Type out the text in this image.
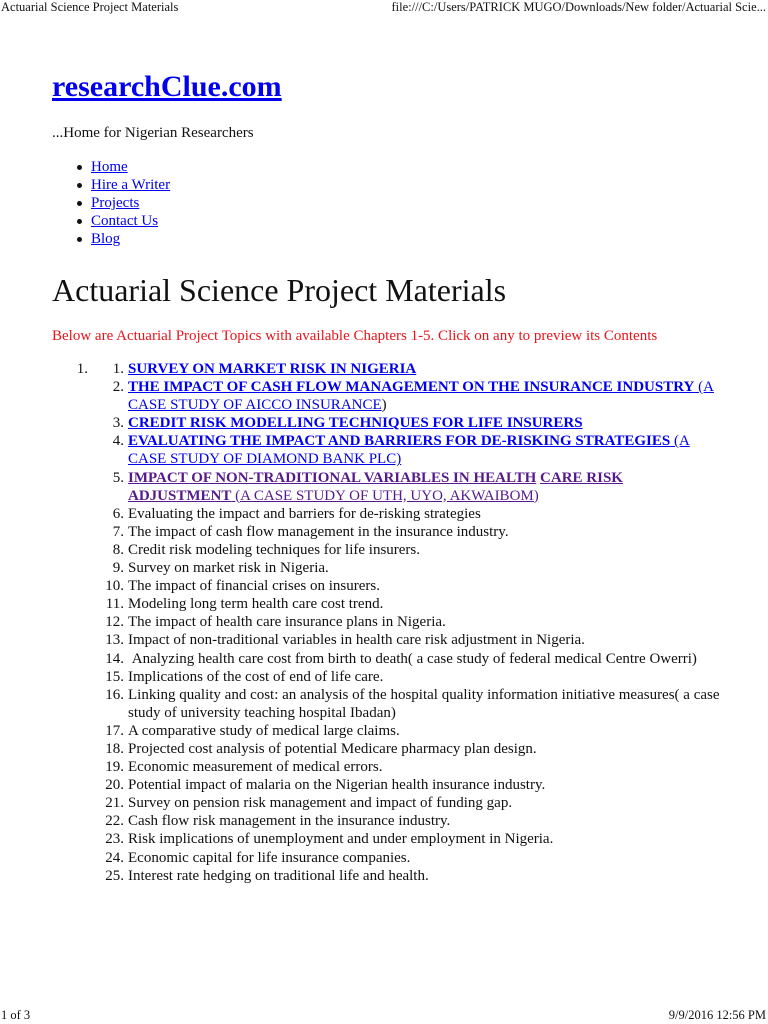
Actuarial Science Project Materials	file:///C:/Users/PATRICK MUGO/Downloads/New folder/Actuarial Scie...
researchClue.com
...Home for Nigerian Researchers
Home
Hire a Writer
Projects
Contact Us
Blog
Actuarial Science Project Materials
Below are Actuarial Project Topics with available Chapters 1-5. Click on any to preview its Contents
1.	1. SURVEY ON MARKET RISK IN NIGERIA
2. THE IMPACT OF CASH FLOW MANAGEMENT ON THE INSURANCE INDUSTRY (A CASE STUDY OF AICCO INSURANCE)
3. CREDIT RISK MODELLING TECHNIQUES FOR LIFE INSURERS
4. EVALUATING THE IMPACT AND BARRIERS FOR DE-RISKING STRATEGIES (A CASE STUDY OF DIAMOND BANK PLC)
5. IMPACT OF NON-TRADITIONAL VARIABLES IN HEALTH CARE RISK ADJUSTMENT (A CASE STUDY OF UTH, UYO, AKWAIBOM)
6. Evaluating the impact and barriers for de-risking strategies
7. The impact of cash flow management in the insurance industry.
8. Credit risk modeling techniques for life insurers.
9. Survey on market risk in Nigeria.
10. The impact of financial crises on insurers.
11. Modeling long term health care cost trend.
12. The impact of health care insurance plans in Nigeria.
13. Impact of non-traditional variables in health care risk adjustment in Nigeria.
14. Analyzing health care cost from birth to death( a case study of federal medical Centre Owerri)
15. Implications of the cost of end of life care.
16. Linking quality and cost: an analysis of the hospital quality information initiative measures( a case study of university teaching hospital Ibadan)
17. A comparative study of medical large claims.
18. Projected cost analysis of potential Medicare pharmacy plan design.
19. Economic measurement of medical errors.
20. Potential impact of malaria on the Nigerian health insurance industry.
21. Survey on pension risk management and impact of funding gap.
22. Cash flow risk management in the insurance industry.
23. Risk implications of unemployment and under employment in Nigeria.
24. Economic capital for life insurance companies.
25. Interest rate hedging on traditional life and health.
1 of 3	9/9/2016 12:56 PM
